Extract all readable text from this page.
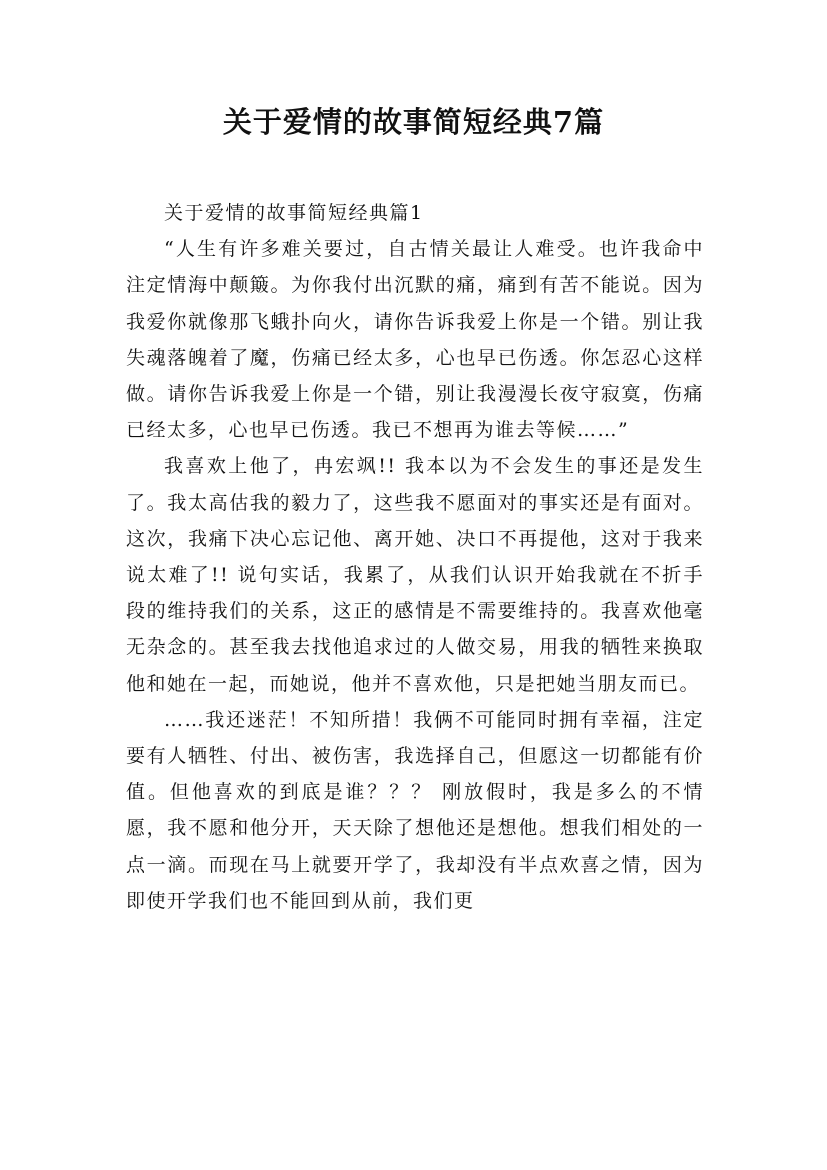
关于爱情的故事简短经典7篇

关于爱情的故事简短经典篇1

“人生有许多难关要过，自古情关最让人难受。也许我命中注定情海中颠簸。为你我付出沉默的痛，痛到有苦不能说。因为我爱你就像那飞蛾扑向火，请你告诉我爱上你是一个错。别让我失魂落魄着了魔，伤痛已经太多，心也早已伤透。你怎忍心这样做。请你告诉我爱上你是一个错，别让我漫漫长夜守寂寞，伤痛已经太多，心也早已伤透。我已不想再为谁去等候……”

我喜欢上他了，冉宏飒!! 我本以为不会发生的事还是发生了。我太高估我的毅力了，这些我不愿面对的事实还是有面对。这次，我痛下决心忘记他、离开她、决口不再提他，这对于我来说太难了!! 说句实话，我累了，从我们认识开始我就在不折手段的维持我们的关系，这正的感情是不需要维持的。我喜欢他毫无杂念的。甚至我去找他追求过的人做交易，用我的牺牲来换取他和她在一起，而她说，他并不喜欢他，只是把她当朋友而已。

……我还迷茫！不知所措！我俩不可能同时拥有幸福，注定要有人牺牲、付出、被伤害，我选择自己，但愿这一切都能有价值。但他喜欢的到底是谁？？？ 刚放假时，我是多么的不情愿，我不愿和他分开，天天除了想他还是想他。想我们相处的一点一滴。而现在马上就要开学了，我却没有半点欢喜之情，因为即使开学我们也不能回到从前，我们更
